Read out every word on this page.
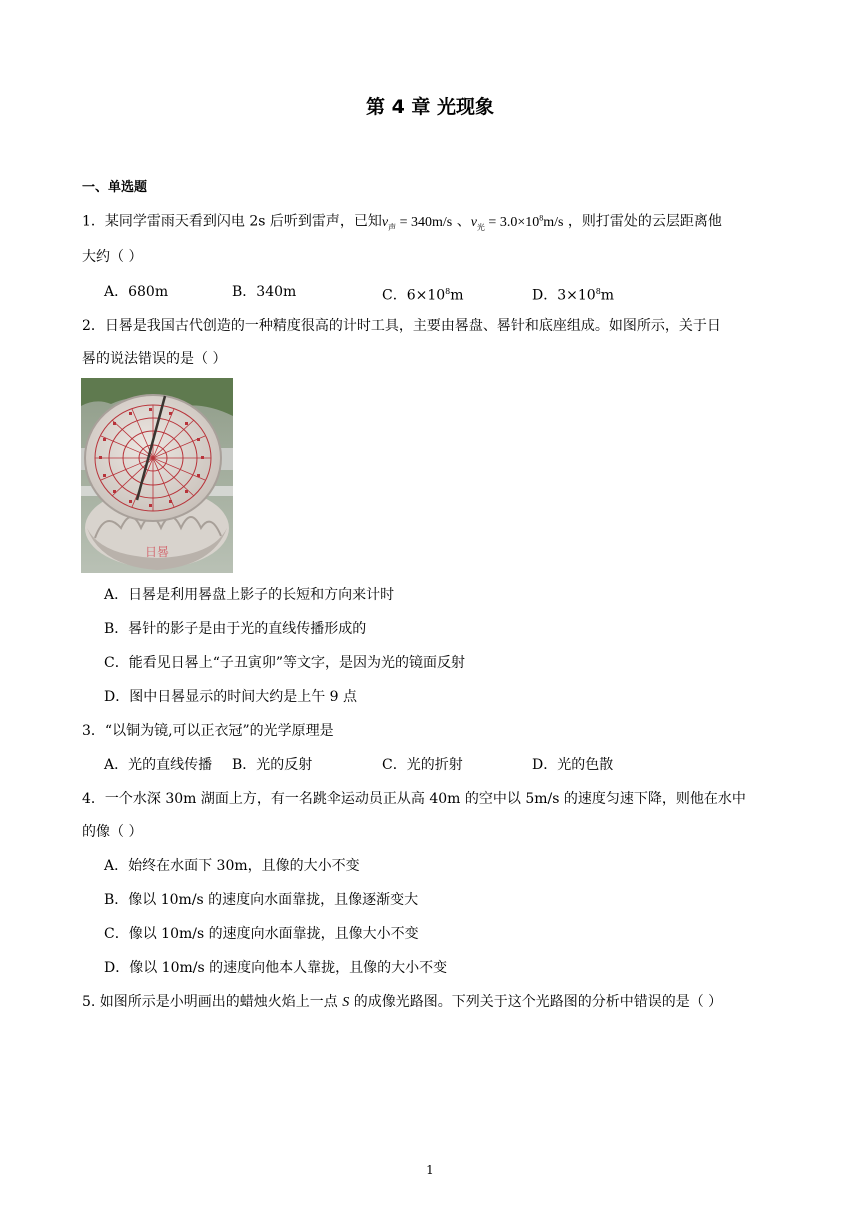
第 4 章 光现象
一、单选题
1．某同学雷雨天看到闪电 2s 后听到雷声，已知$v_声 = 340m/s$ 、$v_光 = 3.0\times 10^8m/s$ ，则打雷处的云层距离他
大约（ ）
A．680m	B．340m	C．$6\times 10^8m$	D．$3\times 10^8m$
2．日晷是我国古代创造的一种精度很高的计时工具，主要由晷盘、晷针和底座组成。如图所示，关于日
晷的说法错误的是（ ）
日晷
A．日晷是利用晷盘上影子的长短和方向来计时
B．晷针的影子是由于光的直线传播形成的
C．能看见日晷上“子丑寅卯”等文字，是因为光的镜面反射
D．图中日晷显示的时间大约是上午 9 点
3．“以铜为镜,可以正衣冠”的光学原理是
A．光的直线传播 B．光的反射	C．光的折射	D．光的色散
4．一个水深 30m 湖面上方，有一名跳伞运动员正从高 40m 的空中以 5m/s 的速度匀速下降，则他在水中
的像（ ）
A．始终在水面下 30m，且像的大小不变
B．像以 10m/s 的速度向水面靠拢，且像逐渐变大
C．像以 10m/s 的速度向水面靠拢，且像大小不变
D．像以 10m/s 的速度向他本人靠拢，且像的大小不变
5. 如图所示是小明画出的蜡烛火焰上一点 S 的成像光路图。下列关于这个光路图的分析中错误的是（ ）
1
